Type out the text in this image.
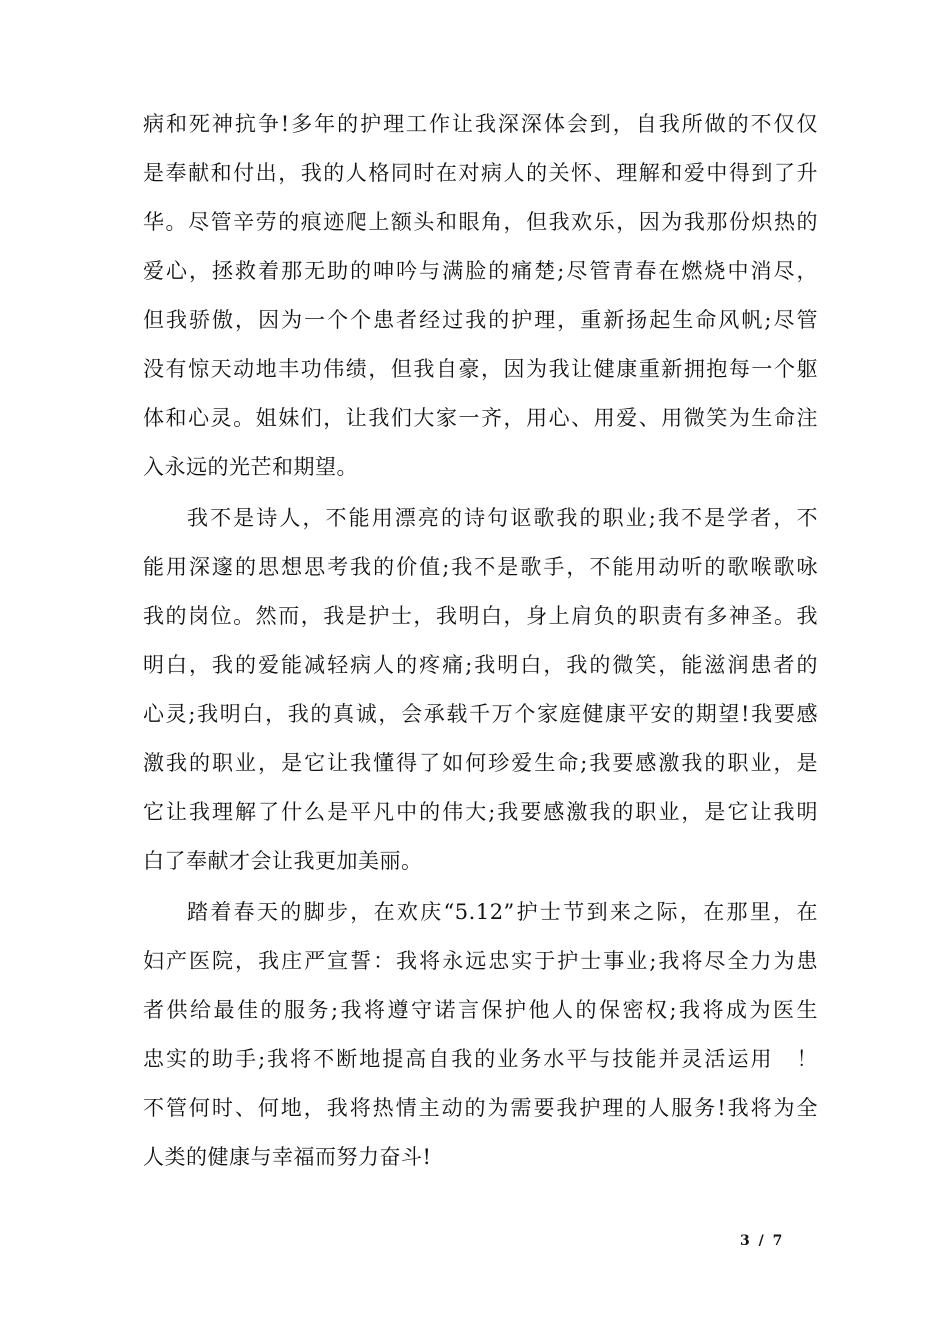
病和死神抗争!多年的护理工作让我深深体会到，自我所做的不仅仅
是奉献和付出，我的人格同时在对病人的关怀、理解和爱中得到了升
华。尽管辛劳的痕迹爬上额头和眼角，但我欢乐，因为我那份炽热的
爱心，拯救着那无助的呻吟与满脸的痛楚;尽管青春在燃烧中消尽，
但我骄傲，因为一个个患者经过我的护理，重新扬起生命风帆;尽管
没有惊天动地丰功伟绩，但我自豪，因为我让健康重新拥抱每一个躯
体和心灵。姐妹们，让我们大家一齐，用心、用爱、用微笑为生命注
入永远的光芒和期望。
我不是诗人，不能用漂亮的诗句讴歌我的职业;我不是学者，不
能用深邃的思想思考我的价值;我不是歌手，不能用动听的歌喉歌咏
我的岗位。然而，我是护士，我明白，身上肩负的职责有多神圣。我
明白，我的爱能减轻病人的疼痛;我明白，我的微笑，能滋润患者的
心灵;我明白，我的真诚，会承载千万个家庭健康平安的期望!我要感
激我的职业，是它让我懂得了如何珍爱生命;我要感激我的职业，是
它让我理解了什么是平凡中的伟大;我要感激我的职业，是它让我明
白了奉献才会让我更加美丽。
踏着春天的脚步，在欢庆“5.12”护士节到来之际，在那里，在
妇产医院，我庄严宣誓：我将永远忠实于护士事业;我将尽全力为患
者供给最佳的服务;我将遵守诺言保护他人的保密权;我将成为医生
忠实的助手;我将不断地提高自我的业务水平与技能并灵活运用　！
不管何时、何地，我将热情主动的为需要我护理的人服务!我将为全
人类的健康与幸福而努力奋斗!
3 / 7
